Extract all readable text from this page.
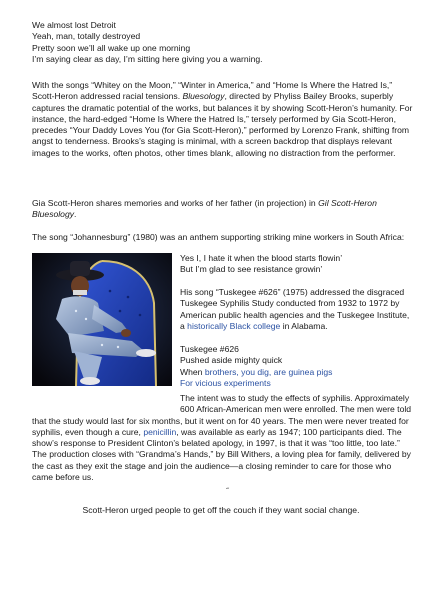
We almost lost Detroit
Yeah, man, totally destroyed
Pretty soon we’ll all wake up one morning
I’m saying clear as day, I’m sitting here giving you a warning.

With the songs “Whitey on the Moon,” “Winter in America,” and “Home Is Where the Hatred Is,” Scott-Heron addressed racial tensions. Bluesology, directed by Phyliss Bailey Brooks, superbly captures the dramatic potential of the works, but balances it by showing Scott-Heron’s humanity. For instance, the hard-edged “Home Is Where the Hatred Is,” tersely performed by Gia Scott-Heron, precedes “Your Daddy Loves You (for Gia Scott-Heron),” performed by Lorenzo Frank, shifting from angst to tenderness. Brooks’s staging is minimal, with a screen backdrop that displays relevant images to the works, often photos, other times blank, allowing no distraction from the performer.

Gia Scott-Heron shares memories and works of her father (in projection) in Gil Scott-Heron Bluesology.

The song “Johannesburg” (1980) was an anthem supporting striking mine workers in South Africa:

Yes I, I hate it when the blood starts flowin’
But I’m glad to see resistance growin’

His song “Tuskegee #626” (1975) addressed the disgraced Tuskegee Syphilis Study conducted from 1932 to 1972 by American public health agencies and the Tuskegee Institute, a historically Black college in Alabama.

Tuskegee #626
Pushed aside mighty quick
When brothers, you dig, are guinea pigs
For vicious experiments

The intent was to study the effects of syphilis. Approximately 600 African-American men were enrolled. The men were told that the study would last for six months, but it went on for 40 years. The men were never treated for syphilis, even though a cure, penicillin, was available as early as 1947; 100 participants died. The show’s response to President Clinton’s belated apology, in 1997, is that it was “too little, too late.” The production closes with “Grandma’s Hands,” by Bill Withers, a loving plea for family, delivered by the cast as they exit the stage and join the audience—a closing reminder to care for those who came before us.

˝

Scott-Heron urged people to get off the couch if they want social change.
